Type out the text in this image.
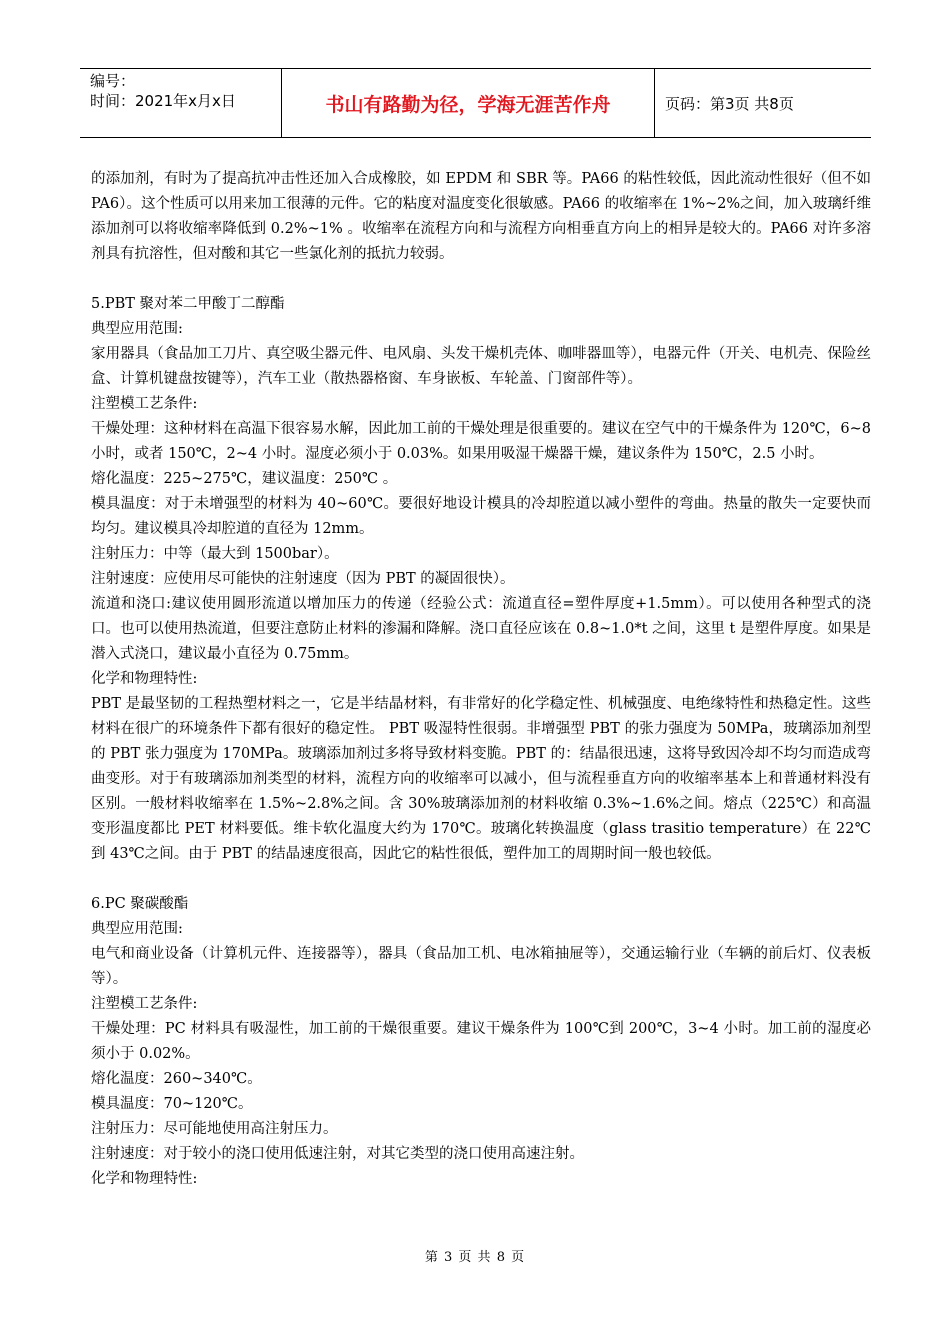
编号：
时间：2021年x月x日	书山有路勤为径，学海无涯苦作舟	页码：第3页 共8页

的添加剂，有时为了提高抗冲击性还加入合成橡胶，如 EPDM 和 SBR 等。PA66 的粘性较低，因此流动性很好（但不如 PA6）。这个性质可以用来加工很薄的元件。它的粘度对温度变化很敏感。PA66 的收缩率在 1%~2%之间，加入玻璃纤维添加剂可以将收缩率降低到 0.2%~1% 。收缩率在流程方向和与流程方向相垂直方向上的相异是较大的。PA66 对许多溶剂具有抗溶性，但对酸和其它一些氯化剂的抵抗力较弱。

5.PBT 聚对苯二甲酸丁二醇酯

典型应用范围:

家用器具（食品加工刀片、真空吸尘器元件、电风扇、头发干燥机壳体、咖啡器皿等），电器元件（开关、电机壳、保险丝盒、计算机键盘按键等），汽车工业（散热器格窗、车身嵌板、车轮盖、门窗部件等）。

注塑模工艺条件:

干燥处理：这种材料在高温下很容易水解，因此加工前的干燥处理是很重要的。建议在空气中的干燥条件为 120℃，6~8 小时，或者 150℃，2~4 小时。湿度必须小于 0.03%。如果用吸湿干燥器干燥，建议条件为 150℃，2.5 小时。

熔化温度：225~275℃，建议温度：250℃ 。

模具温度：对于未增强型的材料为 40~60℃。要很好地设计模具的冷却腔道以减小塑件的弯曲。热量的散失一定要快而均匀。建议模具冷却腔道的直径为 12mm。

注射压力：中等（最大到 1500bar）。

注射速度：应使用尽可能快的注射速度（因为 PBT 的凝固很快）。

流道和浇口:建议使用圆形流道以增加压力的传递（经验公式：流道直径=塑件厚度+1.5mm）。可以使用各种型式的浇口。也可以使用热流道，但要注意防止材料的渗漏和降解。浇口直径应该在 0.8~1.0*t 之间，这里 t 是塑件厚度。如果是潜入式浇口，建议最小直径为 0.75mm。

化学和物理特性:

PBT 是最坚韧的工程热塑材料之一，它是半结晶材料，有非常好的化学稳定性、机械强度、电绝缘特性和热稳定性。这些材料在很广的环境条件下都有很好的稳定性。 PBT 吸湿特性很弱。非增强型 PBT 的张力强度为 50MPa，玻璃添加剂型的 PBT 张力强度为 170MPa。玻璃添加剂过多将导致材料变脆。PBT 的：结晶很迅速，这将导致因冷却不均匀而造成弯曲变形。对于有玻璃添加剂类型的材料，流程方向的收缩率可以减小，但与流程垂直方向的收缩率基本上和普通材料没有区别。一般材料收缩率在 1.5%~2.8%之间。含 30%玻璃添加剂的材料收缩 0.3%~1.6%之间。熔点（225℃）和高温变形温度都比 PET 材料要低。维卡软化温度大约为 170℃。玻璃化转换温度（glass trasitio temperature）在 22℃到 43℃之间。由于 PBT 的结晶速度很高，因此它的粘性很低，塑件加工的周期时间一般也较低。

6.PC 聚碳酸酯

典型应用范围:

电气和商业设备（计算机元件、连接器等），器具（食品加工机、电冰箱抽屉等），交通运输行业（车辆的前后灯、仪表板等）。

注塑模工艺条件:

干燥处理：PC 材料具有吸湿性，加工前的干燥很重要。建议干燥条件为 100℃到 200℃，3~4 小时。加工前的湿度必须小于 0.02%。

熔化温度：260~340℃。

模具温度：70~120℃。

注射压力：尽可能地使用高注射压力。

注射速度：对于较小的浇口使用低速注射，对其它类型的浇口使用高速注射。

化学和物理特性:

第 3 页 共 8 页
